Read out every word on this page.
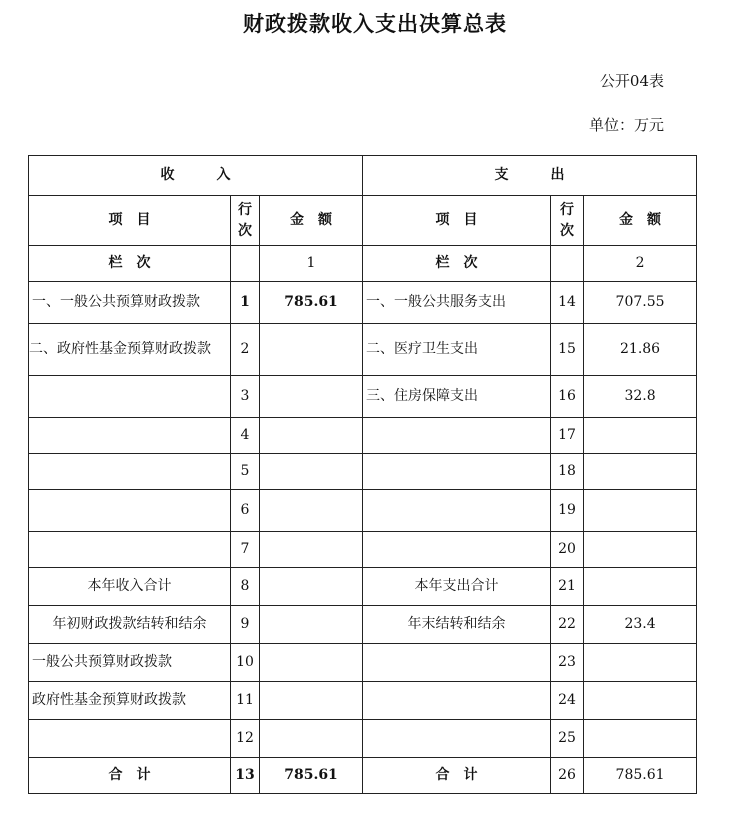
财政拨款收入支出决算总表
公开04表
单位：万元
收　　　入			支　　　出		
项　目	行次	金　额	项　目	行次	金　额
栏　次		1	栏　次		2
一、一般公共预算财政拨款	1	785.61	一、一般公共服务支出	14	707.55
二、政府性基金预算财政拨款	2		二、医疗卫生支出	15	21.86
	3		三、住房保障支出	16	32.8
	4			17	
	5			18	
	6			19	
	7			20	
本年收入合计	8		本年支出合计	21	
年初财政拨款结转和结余	9		年末结转和结余	22	23.4
一般公共预算财政拨款	10			23	
政府性基金预算财政拨款	11			24	
	12			25	
合　计	13	785.61	合　计	26	785.61
